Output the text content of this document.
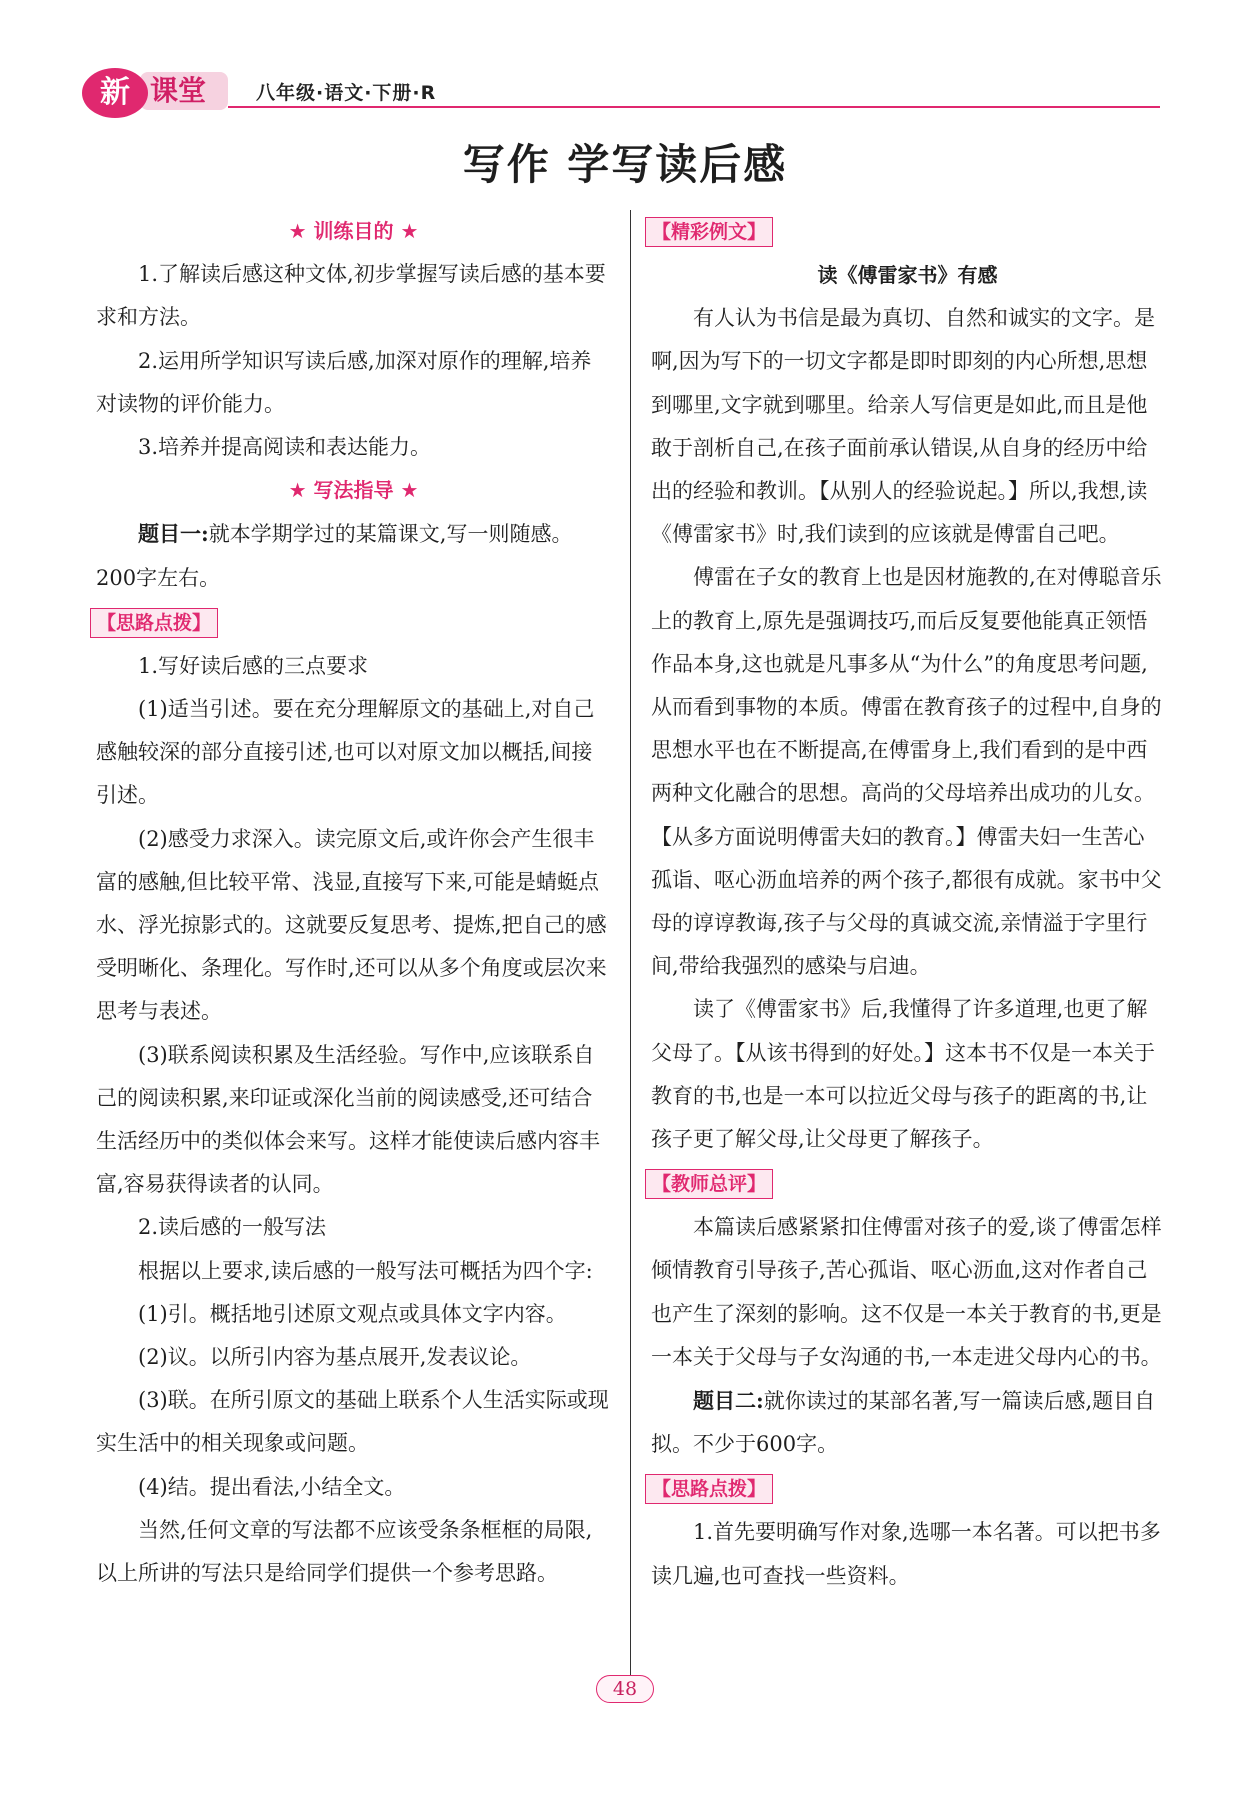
课堂
新	八年级·语文·下册·R
写作 学写读后感

★ 训练目的 ★

1.了解读后感这种文体,初步掌握写读后感的基本要求和方法。

2.运用所学知识写读后感,加深对原作的理解,培养对读物的评价能力。

3.培养并提高阅读和表达能力。

★ 写法指导 ★

题目一:就本学期学过的某篇课文,写一则随感。200字左右。

【思路点拨】

1.写好读后感的三点要求

(1)适当引述。要在充分理解原文的基础上,对自己感触较深的部分直接引述,也可以对原文加以概括,间接引述。

(2)感受力求深入。读完原文后,或许你会产生很丰富的感触,但比较平常、浅显,直接写下来,可能是蜻蜓点水、浮光掠影式的。这就要反复思考、提炼,把自己的感受明晰化、条理化。写作时,还可以从多个角度或层次来思考与表述。

(3)联系阅读积累及生活经验。写作中,应该联系自己的阅读积累,来印证或深化当前的阅读感受,还可结合生活经历中的类似体会来写。这样才能使读后感内容丰富,容易获得读者的认同。

2.读后感的一般写法

根据以上要求,读后感的一般写法可概括为四个字:

(1)引。概括地引述原文观点或具体文字内容。

(2)议。以所引内容为基点展开,发表议论。

(3)联。在所引原文的基础上联系个人生活实际或现实生活中的相关现象或问题。

(4)结。提出看法,小结全文。

当然,任何文章的写法都不应该受条条框框的局限,以上所讲的写法只是给同学们提供一个参考思路。

【精彩例文】

读《傅雷家书》有感

有人认为书信是最为真切、自然和诚实的文字。是啊,因为写下的一切文字都是即时即刻的内心所想,思想到哪里,文字就到哪里。给亲人写信更是如此,而且是他敢于剖析自己,在孩子面前承认错误,从自身的经历中给出的经验和教训。【从别人的经验说起。】所以,我想,读《傅雷家书》时,我们读到的应该就是傅雷自己吧。

傅雷在子女的教育上也是因材施教的,在对傅聪音乐上的教育上,原先是强调技巧,而后反复要他能真正领悟作品本身,这也就是凡事多从“为什么”的角度思考问题,从而看到事物的本质。傅雷在教育孩子的过程中,自身的思想水平也在不断提高,在傅雷身上,我们看到的是中西两种文化融合的思想。高尚的父母培养出成功的儿女。【从多方面说明傅雷夫妇的教育。】傅雷夫妇一生苦心孤诣、呕心沥血培养的两个孩子,都很有成就。家书中父母的谆谆教诲,孩子与父母的真诚交流,亲情溢于字里行间,带给我强烈的感染与启迪。

读了《傅雷家书》后,我懂得了许多道理,也更了解父母了。【从该书得到的好处。】这本书不仅是一本关于教育的书,也是一本可以拉近父母与孩子的距离的书,让孩子更了解父母,让父母更了解孩子。

【教师总评】

本篇读后感紧紧扣住傅雷对孩子的爱,谈了傅雷怎样倾情教育引导孩子,苦心孤诣、呕心沥血,这对作者自己也产生了深刻的影响。这不仅是一本关于教育的书,更是一本关于父母与子女沟通的书,一本走进父母内心的书。

题目二:就你读过的某部名著,写一篇读后感,题目自拟。不少于600字。

【思路点拨】

1.首先要明确写作对象,选哪一本名著。可以把书多读几遍,也可查找一些资料。

48
